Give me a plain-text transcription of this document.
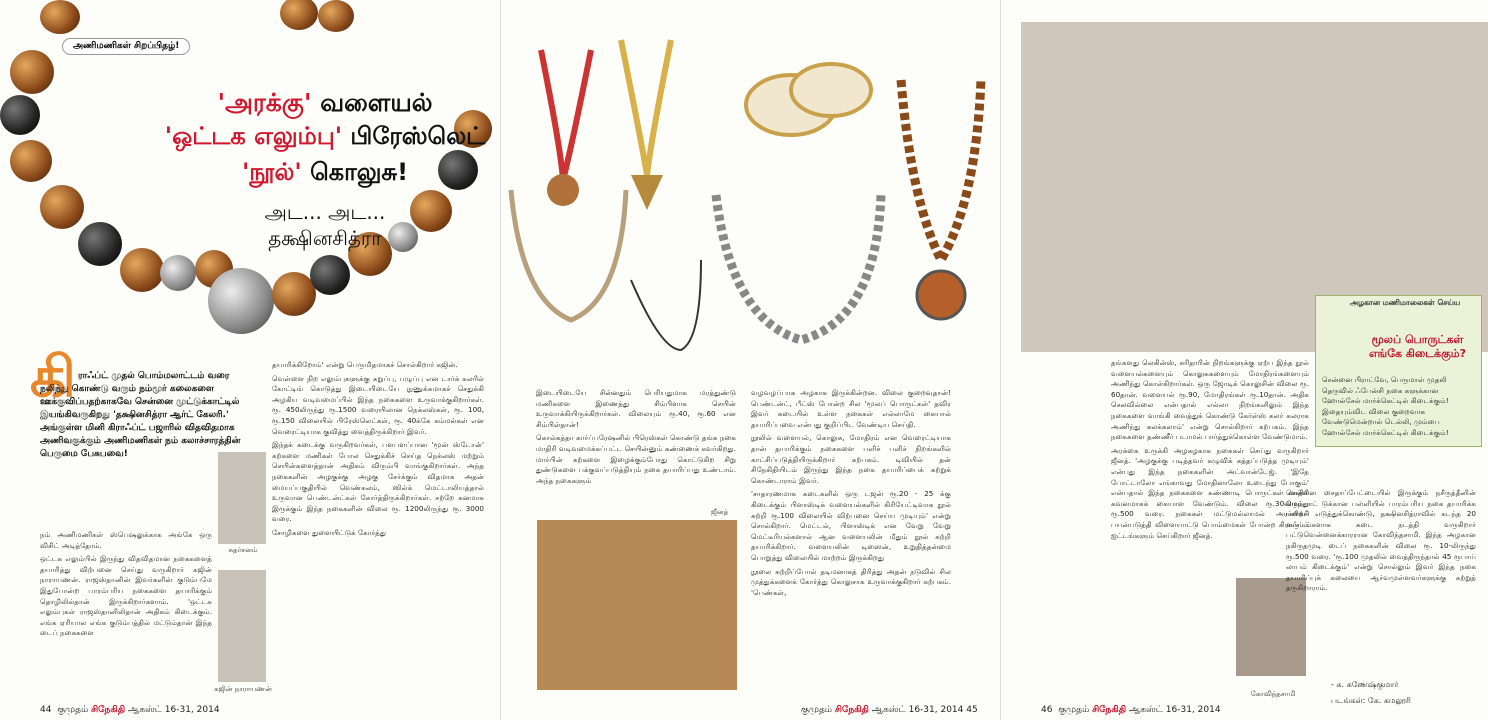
அணிமணிகள் சிறப்பிதழ்!
'அரக்கு' வளையல்
'ஒட்டக எலும்பு' பிரேஸ்லெட்
'நூல்' கொலுசு!
அட... அட...
தக்ஷினசித்ரா
கி ராஃப்ட் முதல் பொம்மலாட்டம் வரை நலிந்து கொண்டு வரும் நம்மூர் கலைகளை ஊக்குவிப்பதற்காகவே சென்னை முட்டுக்காட்டில் இயங்கிவருகிறது 'தக்ஷினசித்ரா ஆர்ட் கேலரி.' அங்குள்ள மினி கிராஃப்ட் பஜாரில் விதவிதமாக அணிவகுக்கும் அணிமணிகள் நம் கலாச்சாரத்தின் பெருமை பேசுபவை!

நம் அணிமணிகள் ஸ்பெஷலுக்காக அங்கே ஒரு விசிட் அடித்தோம்.

ஒட்டக எலும்பில் இருந்து விதவிதமான நகைகளைத் தயாரித்து விற்பனை செய்து வருகிறார் கஜின் நாராயணன். ராஜஸ்தானின் இவர்களின் குடும்பமே இதுபோன்ற பாரம்பரிய நகைகளை தயாரிக்கும் தொழிலில்தான் இருக்கிறார்களாம். 'ஒட்டக எலும்புகள் ராஜஸ்தானிலிதான் அதிகம் கிடைக்கும். எங்க ஏரியால எங்க குடும்பத்தில் மட்டும்தான் இந்த டைப் நகைகளை

சுதர்சனம்
கஜின் நாராயணன்

தயாரிக்கிறோம்' என்று பெருமிதமாகச் சொல்கிறார் கஜின்.

வெள்ளை நிற எலும்புகளுக்கு கறுப்பு, பழுப்பு என டார்க் கலரில் கோட்டிங் கொடுத்து இடையிடையே நுணுக்கமாகச் செதுக்கி அழகிய வடிவமைப்பில் இந்த நகைகளை உருவாக்குகிறார்கள். ரூ. 450லிருந்து ரூ.1500 வரையிலான நெக்லஸ்கள், ரூ. 100, ரூ.150 விலையில் பிரேஸ்லெட்கள், ரூ. 40க்கே கம்மல்கள் என வெரைட்டியாக குவித்து வைத்திருக்கிறார் இவர்.

இந்தக் கடைக்கு வருகிறவர்கள், பளபளப்பான 'மூன் ஸ்டோன்' கற்களை மணிகள் போல செதுக்கிச் செய்த நெக்லஸ் மற்றும் செயின்களைத்தான் அதிகம் விரும்பி வாங்குகிறார்கள். அந்த நகைகளின் அழகுக்கு அழகு சேர்க்கும் விதமாக அதன் மையப்பகுதியில் வெண்கலம், ஸில்க் மெட்டாலியத்தால் உருவான பெண்டன்ட்கள் கோர்த்திருக்கிறார்கள். சற்றே கனமாக இருக்கும் இந்த நகைகளின் விலை ரூ. 1200லிருந்து ரூ. 3000 வரை.

சோழிகளை துளையிட்டுக் கோர்த்து

44 குமுதம் சிநேகிதி ஆகஸ்ட் 16-31, 2014

இடையிடையே சின்னதும் பெரியதுமாக மரத்துண்டு மணிகளை இணைத்து சிம்பிளாக செயின் உருவாக்கியிருக்கிறார்கள். விலையும் ரூ.40, ரூ.60 என சிம்பிள்தான்!

கொல்கத்தா கார்ப்பரேஷனில் பிரெஸ்கள் கொண்டு தங்க நகை மாதிரி வடிவமைக்கப்பட்ட செயின்னும் கண்ணைக் கவர்கிறது. மார்பின் கற்களை இழைக்கும்போது கொட்டுகிற சிறு துண்டுகளை பக்குவப்படுத்தியும் நகை தயாரிப்பது உண்டாம். அந்த நகைகளும்

ஜீனத்

வழவழப்பாக அழகாக இருக்கின்றன. விலை குறைவுதான்! பெண்டன்ட், பீட்ஸ் போன்ற சில 'மூலப் பொருட்கள்' தவிர இவர் கடையில் உள்ள நகைகள் எல்லாமே கையால் தயாரிப்பவை என்பது குறிப்பிட வேண்டிய செய்தி.

நூலில் வளையல், கொலுசு, மோதிரம் என வெரைட்டியாக தான் தயாரிக்கும் நகைகளை பளிச் பளிச் நிறங்களில் காட்சிப்படுத்தியிருக்கிறார் கற்பகம். டிவியில் தன் சிநேகிதியிடம் இருந்து இந்த நகை தயாரிப்பைக் கற்றுக் கொண்டாராம் இவர்.

'சாதாரணமாக கடைகளில் ஒரு டஜன் ரூ.20 - 25 க்கு கிடைக்கும் பிளாஸ்டிக் வளையல்களில் கிரியேட்டிவாக நூல் சுற்றி ரூ.100 விலையில் விற்பனை செய்ய முடியும்' என்று சொல்கிறார். மெட்டல், பிளாஸ்டிக் என வேறு வேறு மெட்டீரியல்களால் ஆன வளையலின் மீதும் நூல் சுற்றி தயாரிக்கிறார். வளையலின் டிஸைன், உறுதித்தன்மை பொறுத்து விலையில் மாற்றம் இருக்கிறது

நூலை சுற்றிப்போல் தடிமனாகத் திரித்து அதன் நடுவில் சில முத்துக்களைக் கோர்த்து கொலுசாக உருவாக்குகிறார் கற்பகம். 'பெண்கள்,

குமுதம் சிநேகிதி ஆகஸ்ட் 16-31, 2014 45

தங்களது லெகின்ஸ், சுரிதாரின் நிறங்களுக்கு ஏற்ப இந்த நூல் வளையல்களையும் கொலுசுகளையும் மோதிரங்களையும் அணிந்து கொள்கிறார்கள். ஒரு ஜோடிக் கொலுசின் விலை ரூ. 60தான். வளையல் ரூ.90, மோதிரங்கள் ரூ.10தான். அதிக செலவில்லை என்பதால் எல்லா நிறங்களிலும் இந்த நகைகளை வாங்கி வைத்துக் கொண்டு கேர்ள்ஸ் கலர் கலராக அணிந்து கலக்கலாம்' என்று சொல்கிறார் கற்பகம். இந்த நகைகளை தண்ணீர் படாமல் பார்த்துக்கொள்ள வேண்டுமாம்.

அரக்கை உருக்கி அழகழகாக நகைகள் செய்து வருகிறார் ஜீனத். 'அழகுக்கு படித்தவர் கழுவிக் கத்தப்படுத்த முடியும்' என்பது இந்த நகைகளின் அட்வான்டேஜ். 'இதே போட்டாலோ எங்காவது மோதினாலோ உடைந்து போகும்' என்பதால் இந்த நகைகளை கண்ணாடி பொருட்கள் மாதிரி கவனமாகக் கையாள வேண்டும். விலை ரூ.30லிருந்து ரூ.500 வரை. நகைகள் மட்டுமல்லாமல் அரக்கைப் பயன்படுத்தி விளையாட்டு பொம்மைகள் போன்ற கிராஃப்ட் ஐட்டங்களும் செய்கிறார் ஜீனத்.

கோவிந்தசாமி

சென்னை சைதாப்பேட்டையில் இருக்கும் நசீருத்தீனின் மெம்பாட் டுக்கான பள்ளியில் பாரம்பரிய நகை தயாரிக்க பயிற்சி எடுத்துக்கொண்டு, தக்ஷினசித்ராவில் கடந்த 20 வருடங்களாக கடை நடத்தி வருகிறார் பட்டுவென்னைக்காரரான கோவிந்தசாமி. இந்த அழகான நகிருதமுடி டைப் நகைகளின் விலை ரூ. 10-லிருந்து ரூ.500 வரை. 'ரூ.100 முதலில் வைத்திருந்தால் 45 ரூபாய் லாபம் கிடைக்கும்' என்று சொல்லும் இவர் இந்த நகை தயாரிப்புக் கலையை ஆர்வமுள்ளவர்களுக்கு கற்றுத் தருகிறாராம்.

- க. கணேஷ்குமார்
படங்கள்: கே. கமலூரி
46 குமுதம் சிநேகிதி ஆகஸ்ட் 16-31, 2014
அழகான மணிமாலைகள் செய்ய
மூலப் பொருட்கள்
எங்கே கிடைக்கும்?
சென்னை பிராட்வே, பெருமாள் முதலி தெருவில் ஃபேன்சி நகை களுக்கான ஹோல்சேல் மார்க்கெட்டில் கிடைக்கும்! இதையும்விட விலை குறைவாக வேண்டுமென்றால் டெல்லி, மும்பை ஹோல்சேல் மார்க்கெட்டில் கிடைக்கும்!
